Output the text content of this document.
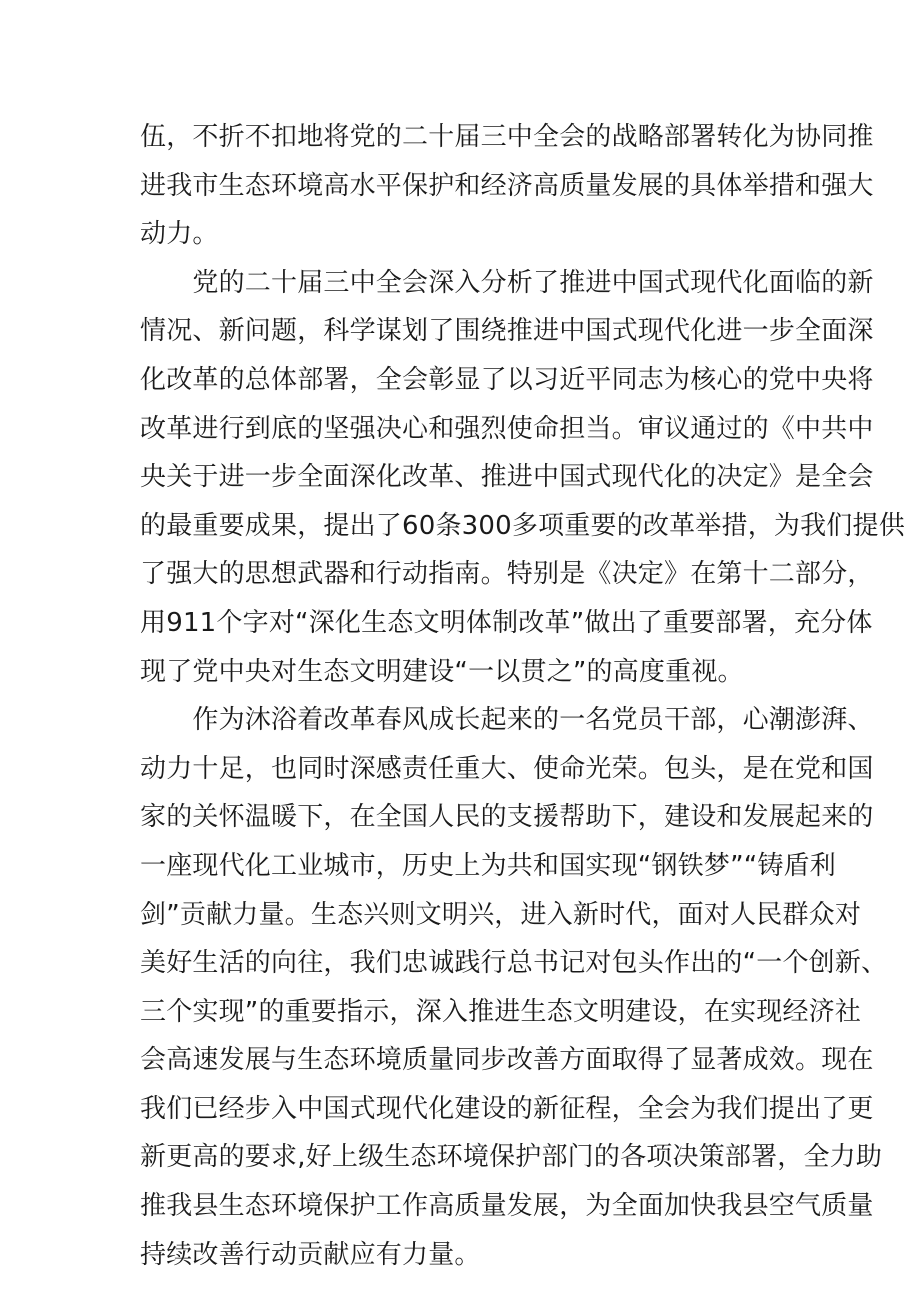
伍，不折不扣地将党的二十届三中全会的战略部署转化为协同推
进我市生态环境高水平保护和经济高质量发展的具体举措和强大
动力。
　　党的二十届三中全会深入分析了推进中国式现代化面临的新
情况、新问题，科学谋划了围绕推进中国式现代化进一步全面深
化改革的总体部署，全会彰显了以习近平同志为核心的党中央将
改革进行到底的坚强决心和强烈使命担当。审议通过的《中共中
央关于进一步全面深化改革、推进中国式现代化的决定》是全会
的最重要成果，提出了60条300多项重要的改革举措，为我们提供
了强大的思想武器和行动指南。特别是《决定》在第十二部分，
用911个字对“深化生态文明体制改革”做出了重要部署，充分体
现了党中央对生态文明建设“一以贯之”的高度重视。
　　作为沐浴着改革春风成长起来的一名党员干部，心潮澎湃、
动力十足，也同时深感责任重大、使命光荣。包头，是在党和国
家的关怀温暖下，在全国人民的支援帮助下，建设和发展起来的
一座现代化工业城市，历史上为共和国实现“钢铁梦”“铸盾利
剑”贡献力量。生态兴则文明兴，进入新时代，面对人民群众对
美好生活的向往，我们忠诚践行总书记对包头作出的“一个创新、
三个实现”的重要指示，深入推进生态文明建设，在实现经济社
会高速发展与生态环境质量同步改善方面取得了显著成效。现在
我们已经步入中国式现代化建设的新征程，全会为我们提出了更
新更高的要求,好上级生态环境保护部门的各项决策部署，全力助
推我县生态环境保护工作高质量发展，为全面加快我县空气质量
持续改善行动贡献应有力量。
